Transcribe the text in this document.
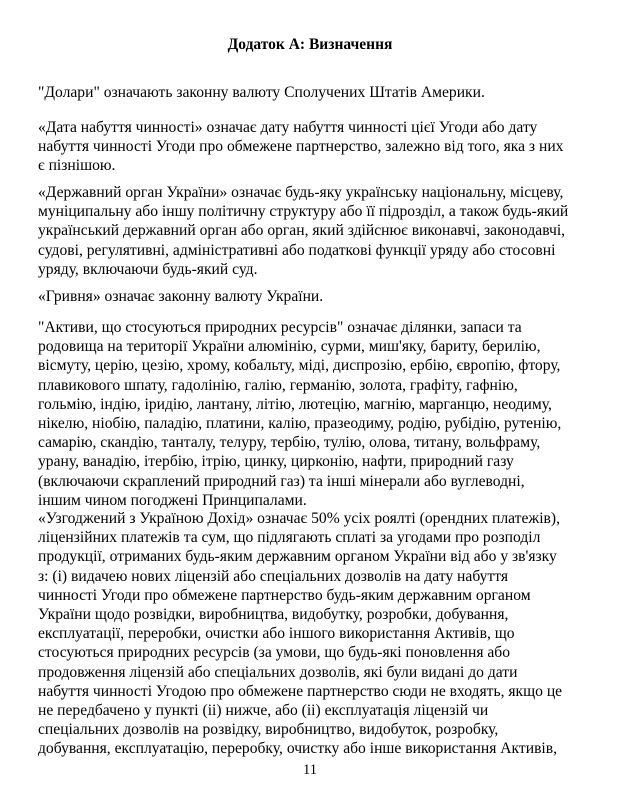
Додаток А: Визначення
"Долари" означають законну валюту Сполучених Штатів Америки.
«Дата набуття чинності» означає дату набуття чинності цієї Угоди або дату
набуття чинності Угоди про обмежене партнерство, залежно від того, яка з них
є пізнішою.
«Державний орган України» означає будь-яку українську національну, місцеву,
муніципальну або іншу політичну структуру або її підрозділ, а також будь-який
український державний орган або орган, який здійснює виконавчі, законодавчі,
судові, регулятивні, адміністративні або податкові функції уряду або стосовні
уряду, включаючи будь-який суд.
«Гривня» означає законну валюту України.
"Активи, що стосуються природних ресурсів" означає ділянки, запаси та
родовища на території України алюмінію, сурми, миш'яку, бариту, берилію,
вісмуту, церію, цезію, хрому, кобальту, міді, диспрозію, ербію, європію, фтору,
плавикового шпату, гадолінію, галію, германію, золота, графіту, гафнію,
гольмію, індію, іридію, лантану, літію, лютецію, магнію, марганцю, неодиму,
нікелю, ніобію, паладію, платини, калію, празеодиму, родію, рубідію, рутенію,
самарію, скандію, танталу, телуру, тербію, тулію, олова, титану, вольфраму,
урану, ванадію, ітербію, ітрію, цинку, цирконію, нафти, природний газу
(включаючи скраплений природний газ) та інші мінерали або вуглеводні,
іншим чином погоджені Принципалами.
«Узгоджений з Україною Дохід» означає 50% усіх роялті (орендних платежів),
ліцензійних платежів та сум, що підлягають сплаті за угодами про розподіл
продукції, отриманих будь-яким державним органом України від або у зв'язку
з: (і) видачею нових ліцензій або спеціальних дозволів на дату набуття
чинності Угоди про обмежене партнерство будь-яким державним органом
України щодо розвідки, виробництва, видобутку, розробки, добування,
експлуатації, переробки, очистки або іншого використання Активів, що
стосуються природних ресурсів (за умови, що будь-які поновлення або
продовження ліцензій або спеціальних дозволів, які були видані до дати
набуття чинності Угодою про обмежене партнерство сюди не входять, якщо це
не передбачено у пункті (іі) нижче, або (іі) експлуатація ліцензій чи
спеціальних дозволів на розвідку, виробництво, видобуток, розробку,
добування, експлуатацію, переробку, очистку або інше використання Активів,
11
